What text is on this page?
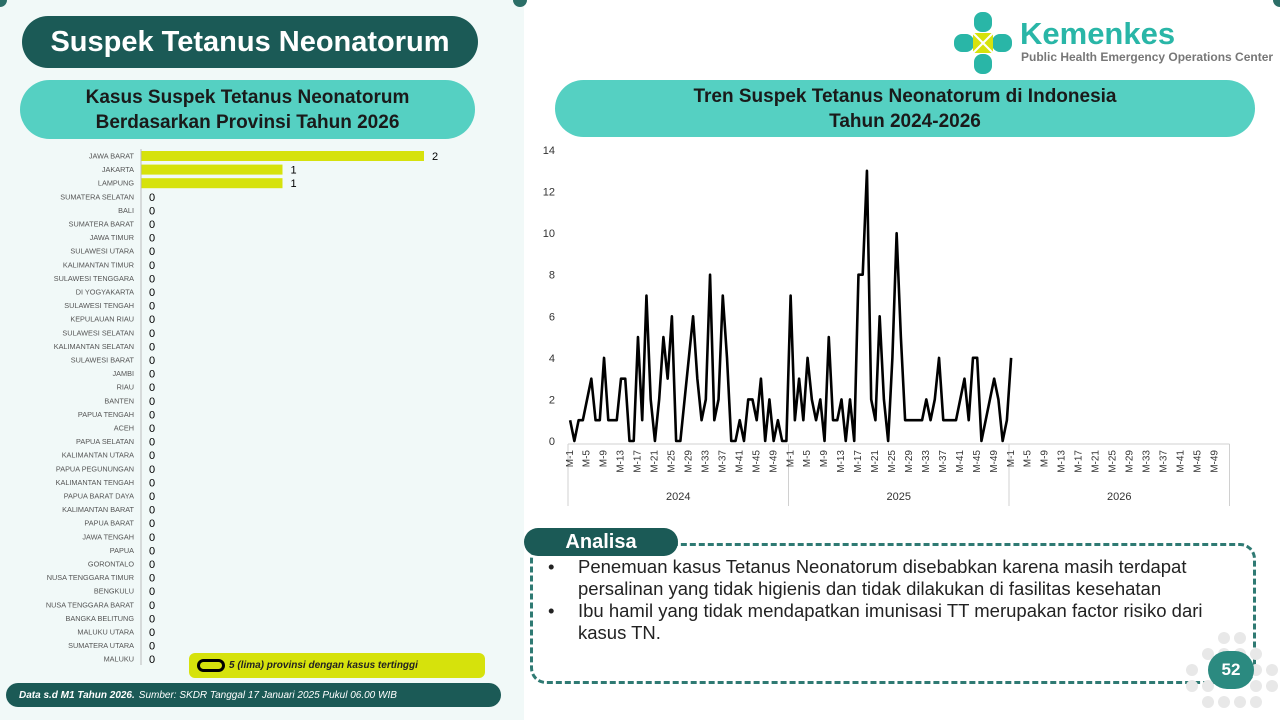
Suspek Tetanus Neonatorum	Kemenkes
Public Health Emergency Operations Center
Kasus Suspek Tetanus Neonatorum
Berdasarkan Provinsi Tahun 2026
Tren Suspek Tetanus Neonatorum di Indonesia
Tahun 2024-2026
JAWA BARAT	2
JAKARTA	1
LAMPUNG	1
SUMATERA SELATAN 0
BALI 0
SUMATERA BARAT 0
JAWA TIMUR 0
SULAWESI UTARA 0
KALIMANTAN TIMUR 0
SULAWESI TENGGARA 0
DI YOGYAKARTA 0
SULAWESI TENGAH 0
KEPULAUAN RIAU 0
SULAWESI SELATAN 0
KALIMANTAN SELATAN 0
SULAWESI BARAT 0
JAMBI 0
RIAU 0
BANTEN 0
PAPUA TENGAH 0
ACEH 0
PAPUA SELATAN 0
KALIMANTAN UTARA 0
PAPUA PEGUNUNGAN 0
KALIMANTAN TENGAH 0
PAPUA BARAT DAYA 0
KALIMANTAN BARAT 0
PAPUA BARAT 0
JAWA TENGAH 0
PAPUA 0
GORONTALO 0
NUSA TENGGARA TIMUR 0
BENGKULU 0
NUSA TENGGARA BARAT 0
BANGKA BELITUNG 0
MALUKU UTARA 0
SUMATERA UTARA 0
MALUKU 0
0
2
4
6
8
10
12
14
M-1 M-5 M-9 M-13 M-17 M-21 M-25 M-29 M-33 M-37 M-41 M-45 M-49
2024
M-1 M-5 M-9 M-13 M-17 M-21 M-25 M-29 M-33 M-37 M-41 M-45 M-49
2025
M-1 M-5 M-9 M-13 M-17 M-21 M-25 M-29 M-33 M-37 M-41 M-45 M-49
2026
5 (lima) provinsi dengan kasus tertinggi
Data s.d M1 Tahun 2026. Sumber: SKDR Tanggal 17 Januari 2025 Pukul 06.00 WIB
Analisa
• Penemuan kasus Tetanus Neonatorum disebabkan karena masih terdapat persalinan yang tidak higienis dan tidak dilakukan di fasilitas kesehatan
• Ibu hamil yang tidak mendapatkan imunisasi TT merupakan factor risiko dari kasus TN.
52
